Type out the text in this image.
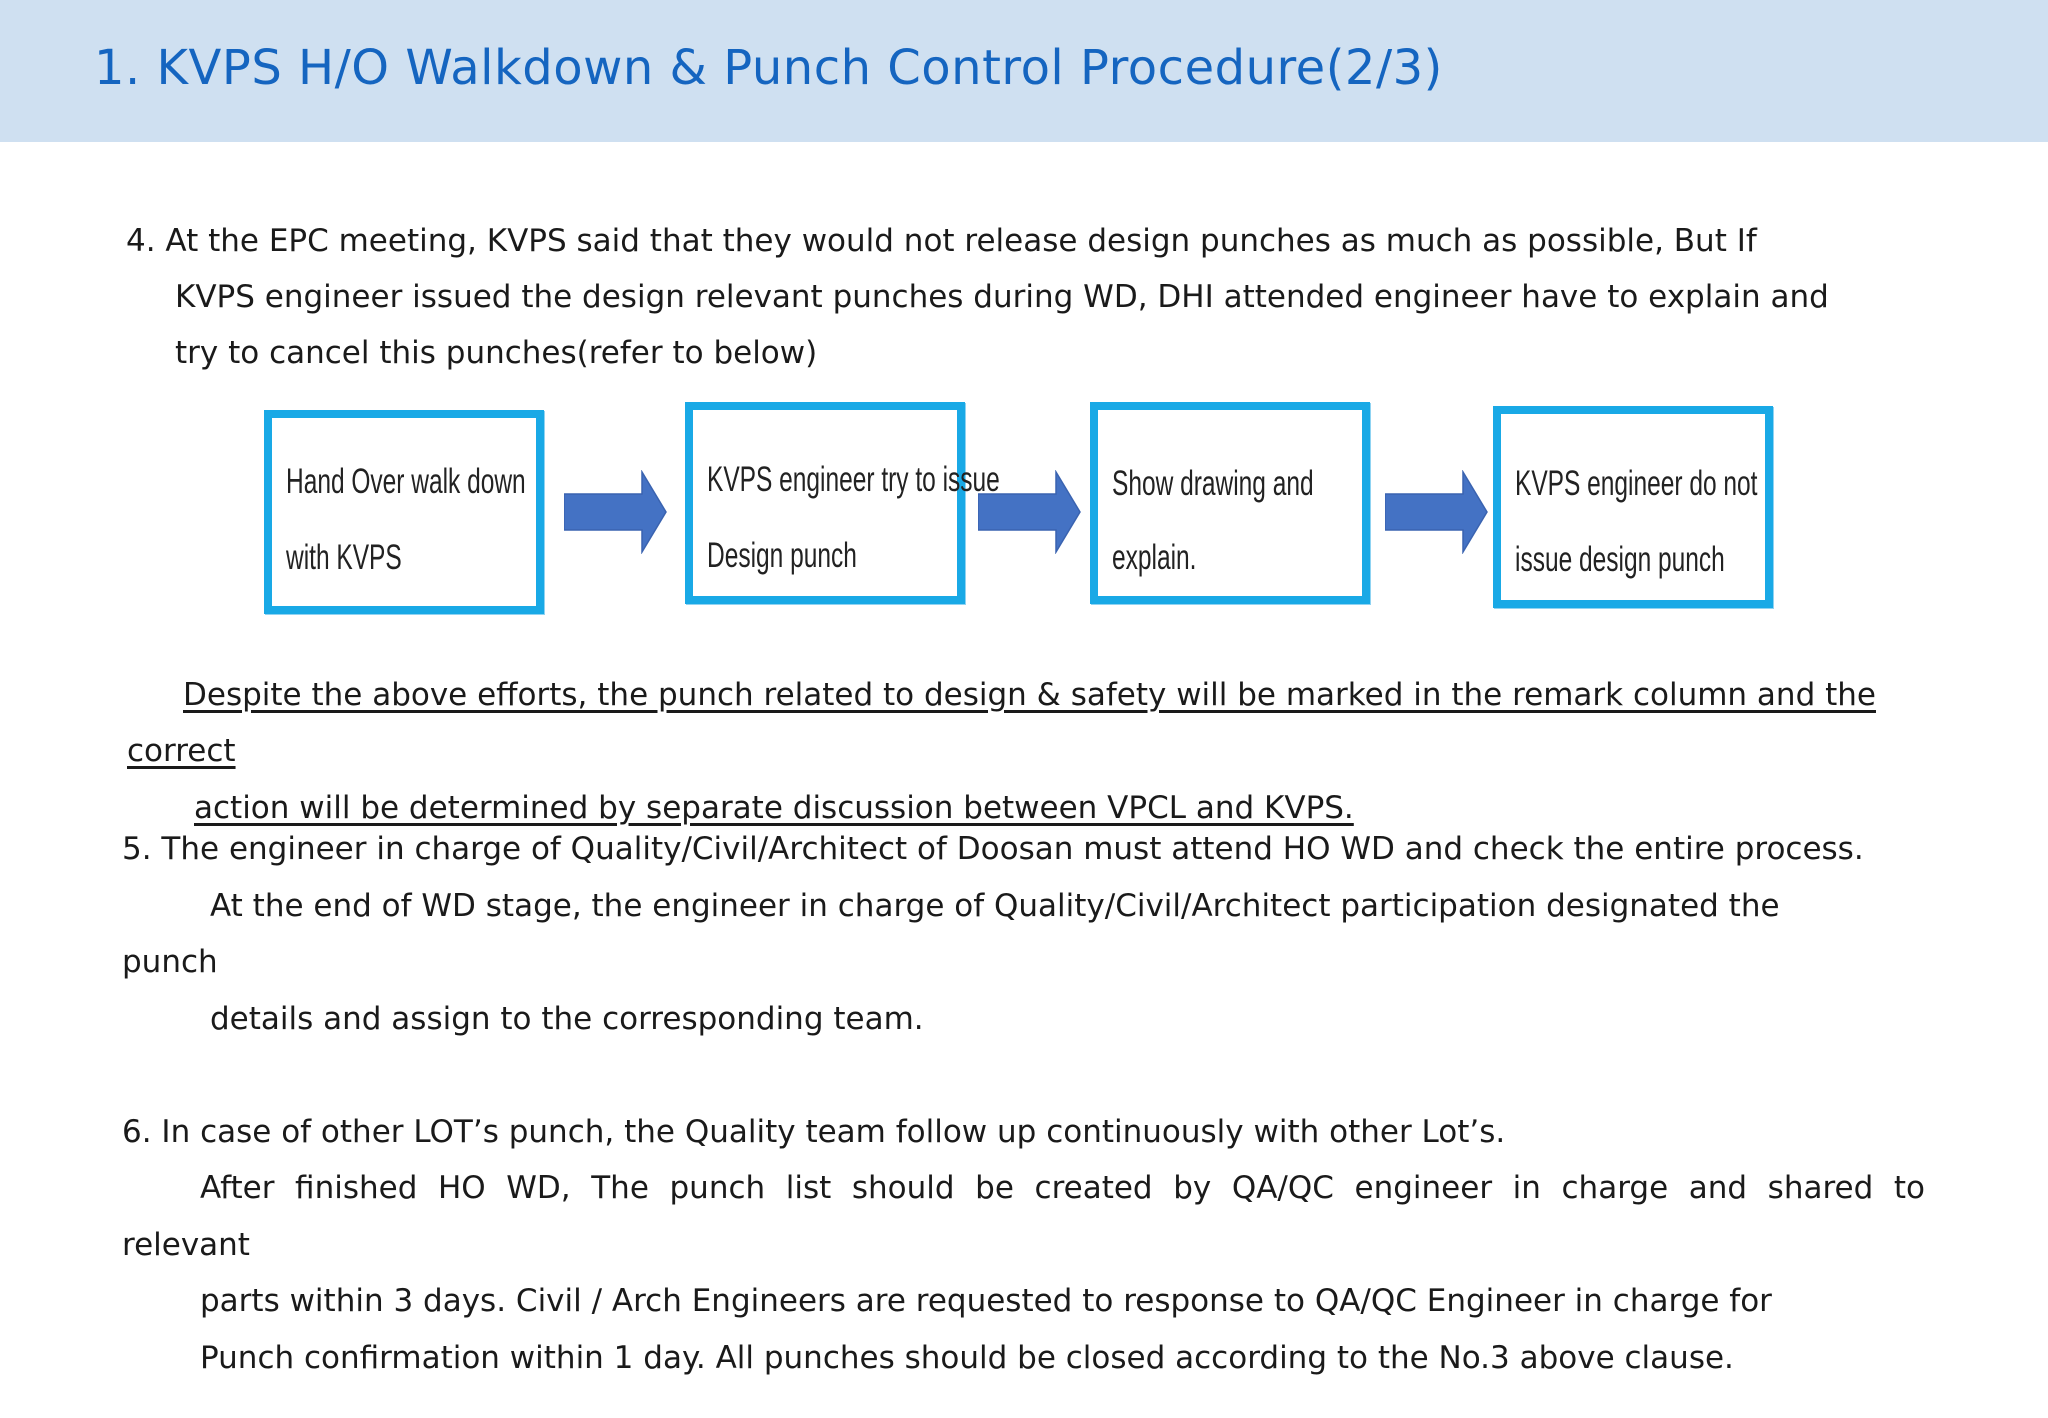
1. KVPS H/O Walkdown & Punch Control Procedure(2/3)
4. At the EPC meeting, KVPS said that they would not release design punches as much as possible, But If
KVPS engineer issued the design relevant punches during WD, DHI attended engineer have to explain and
try to cancel this punches(refer to below)
Hand Over walk down
with KVPS
KVPS engineer try to issue
Design punch
Show drawing and
explain.
KVPS engineer do not
issue design punch
Despite the above efforts, the punch related to design & safety will be marked in the remark column and the
correct
action will be determined by separate discussion between VPCL and KVPS.
5. The engineer in charge of Quality/Civil/Architect of Doosan must attend HO WD and check the entire process.
At the end of WD stage, the engineer in charge of Quality/Civil/Architect participation designated the
punch
details and assign to the corresponding team.
6. In case of other LOT’s punch, the Quality team follow up continuously with other Lot’s.
After finished HO WD, The punch list should be created by QA/QC engineer in charge and shared to
relevant
parts within 3 days. Civil / Arch Engineers are requested to response to QA/QC Engineer in charge for
Punch confirmation within 1 day. All punches should be closed according to the No.3 above clause.
